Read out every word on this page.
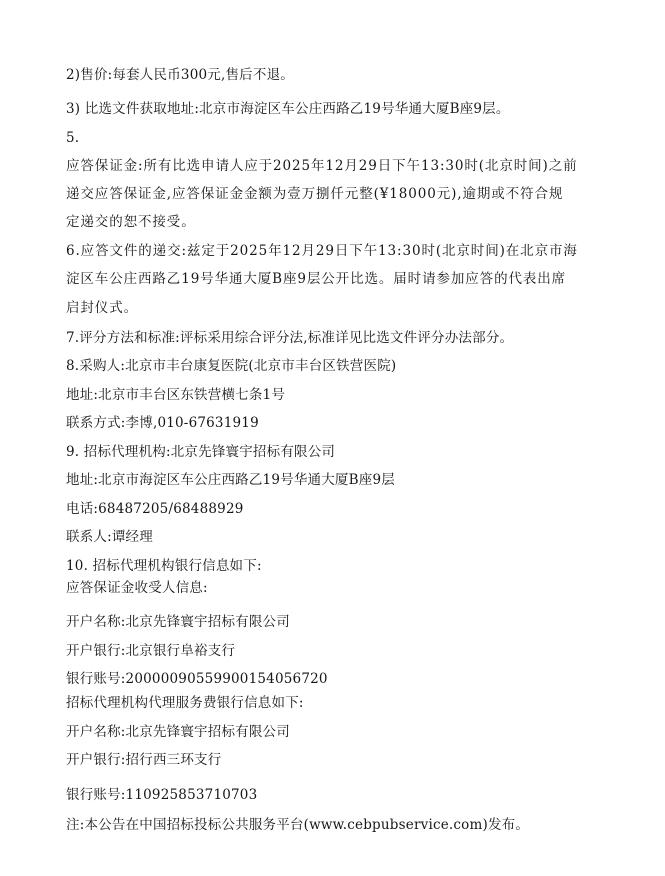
2)售价:每套人民币300元,售后不退。
3) 比选文件获取地址:北京市海淀区车公庄西路乙19号华通大厦B座9层。
5.
应答保证金:所有比选申请人应于2025年12月29日下午13:30时(北京时间)之前
递交应答保证金,应答保证金金额为壹万捌仟元整(¥18000元),逾期或不符合规
定递交的恕不接受。
6.应答文件的递交:兹定于2025年12月29日下午13:30时(北京时间)在北京市海
淀区车公庄西路乙19号华通大厦B座9层公开比选。届时请参加应答的代表出席
启封仪式。
7.评分方法和标准:评标采用综合评分法,标准详见比选文件评分办法部分。
8.采购人:北京市丰台康复医院(北京市丰台区铁营医院)
地址:北京市丰台区东铁营横七条1号
联系方式:李博,010-67631919
9. 招标代理机构:北京先锋寰宇招标有限公司
地址:北京市海淀区车公庄西路乙19号华通大厦B座9层
电话:68487205/68488929
联系人:谭经理
10. 招标代理机构银行信息如下:
应答保证金收受人信息:
开户名称:北京先锋寰宇招标有限公司
开户银行:北京银行阜裕支行
银行账号:20000090559900154056720
招标代理机构代理服务费银行信息如下:
开户名称:北京先锋寰宇招标有限公司
开户银行:招行西三环支行
银行账号:110925853710703
注:本公告在中国招标投标公共服务平台(www.cebpubservice.com)发布。
